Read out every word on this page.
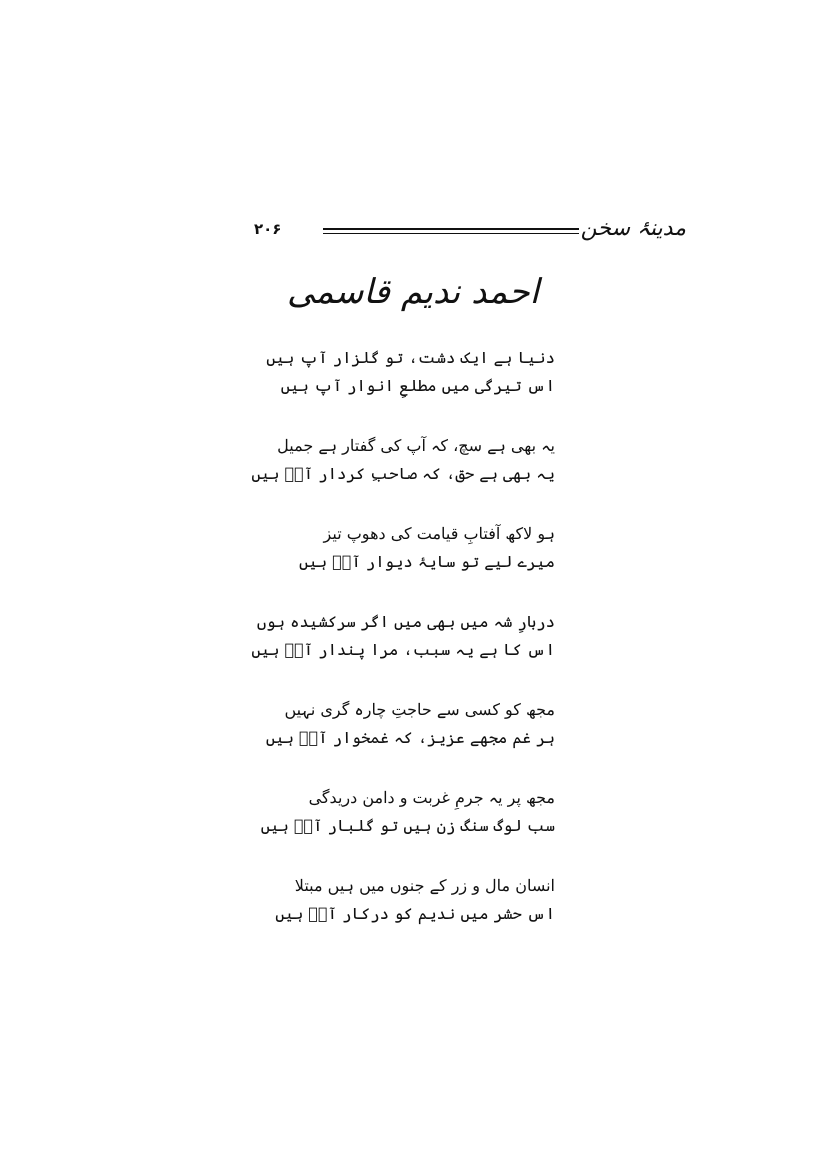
۲۰۶	مدینۂ سخن
احمد ندیم قاسمی
دنیا ہے ایک دشت، تو گلزار آپ ہیں
اس تیرگی میں مطلعِ انوار آپ ہیں
یہ بھی ہے سچ، کہ آپ کی گفتار ہے جمیل
یہ بھی ہے حق، کہ صاحبِ کردار آپؐ ہیں
ہو لاکھ آفتابِ قیامت کی دھوپ تیز
میرے لیے تو سایۂ دیوار آپؐ ہیں
دربارِ شہ میں بھی میں اگر سرکشیدہ ہوں
اس کا ہے یہ سبب، مرا پندار آپؐ ہیں
مجھ کو کسی سے حاجتِ چارہ گری نہیں
ہر غم مجھے عزیز، کہ غمخوار آپؐ ہیں
مجھ پر یہ جرمِ غربت و دامن دریدگی
سب لوگ سنگ زن ہیں تو گلبار آپؐ ہیں
انسان مال و زر کے جنوں میں ہیں مبتلا
اس حشر میں ندیم کو درکار آپؐ ہیں
